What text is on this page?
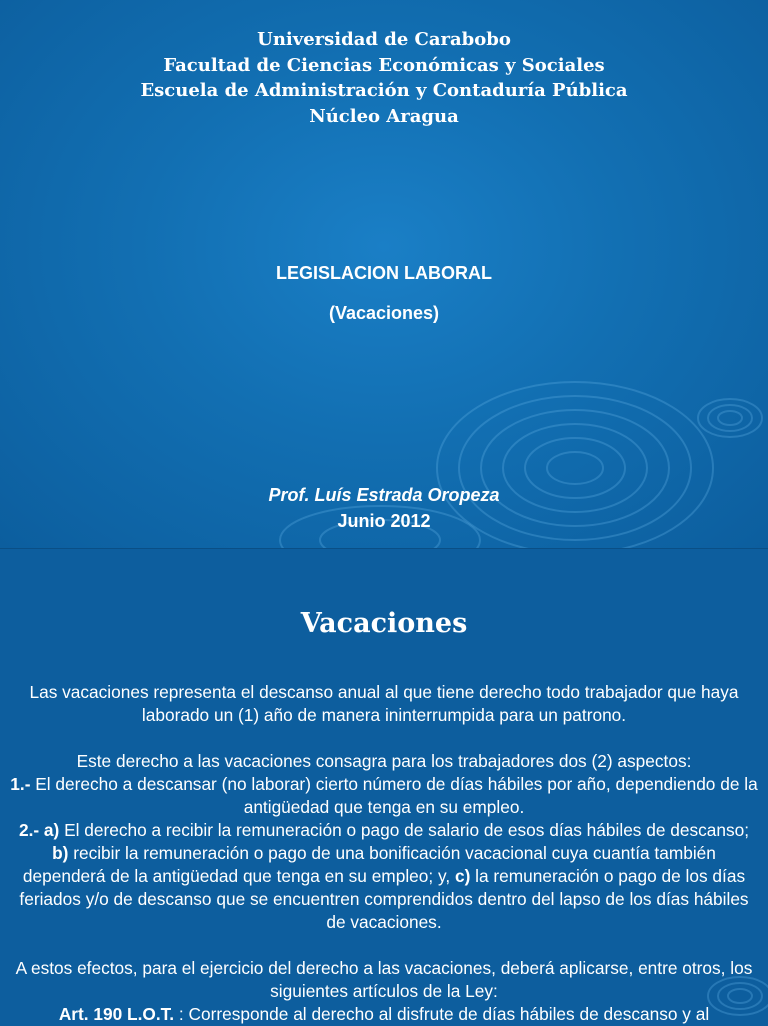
Universidad de Carabobo
Facultad de Ciencias Económicas y Sociales
Escuela de Administración y Contaduría Pública
Núcleo Aragua
LEGISLACION LABORAL
(Vacaciones)
Prof. Luís Estrada Oropeza
Junio 2012
Vacaciones

Las vacaciones representa el descanso anual al que tiene derecho todo trabajador que haya laborado un (1) año de manera ininterrumpida para un patrono.

Este derecho a las vacaciones consagra para los trabajadores dos (2) aspectos:

1.- El derecho a descansar (no laborar) cierto número de días hábiles por año, dependiendo de la antigüedad que tenga en su empleo.

2.- a) El derecho a recibir la remuneración o pago de salario de esos días hábiles de descanso; b) recibir la remuneración o pago de una bonificación vacacional cuya cuantía también dependerá de la antigüedad que tenga en su empleo; y, c) la remuneración o pago de los días feriados y/o de descanso que se encuentren comprendidos dentro del lapso de los días hábiles de vacaciones.

A estos efectos, para el ejercicio del derecho a las vacaciones, deberá aplicarse, entre otros, los siguientes artículos de la Ley:

Art. 190 L.O.T. : Corresponde al derecho al disfrute de días hábiles de descanso y al
